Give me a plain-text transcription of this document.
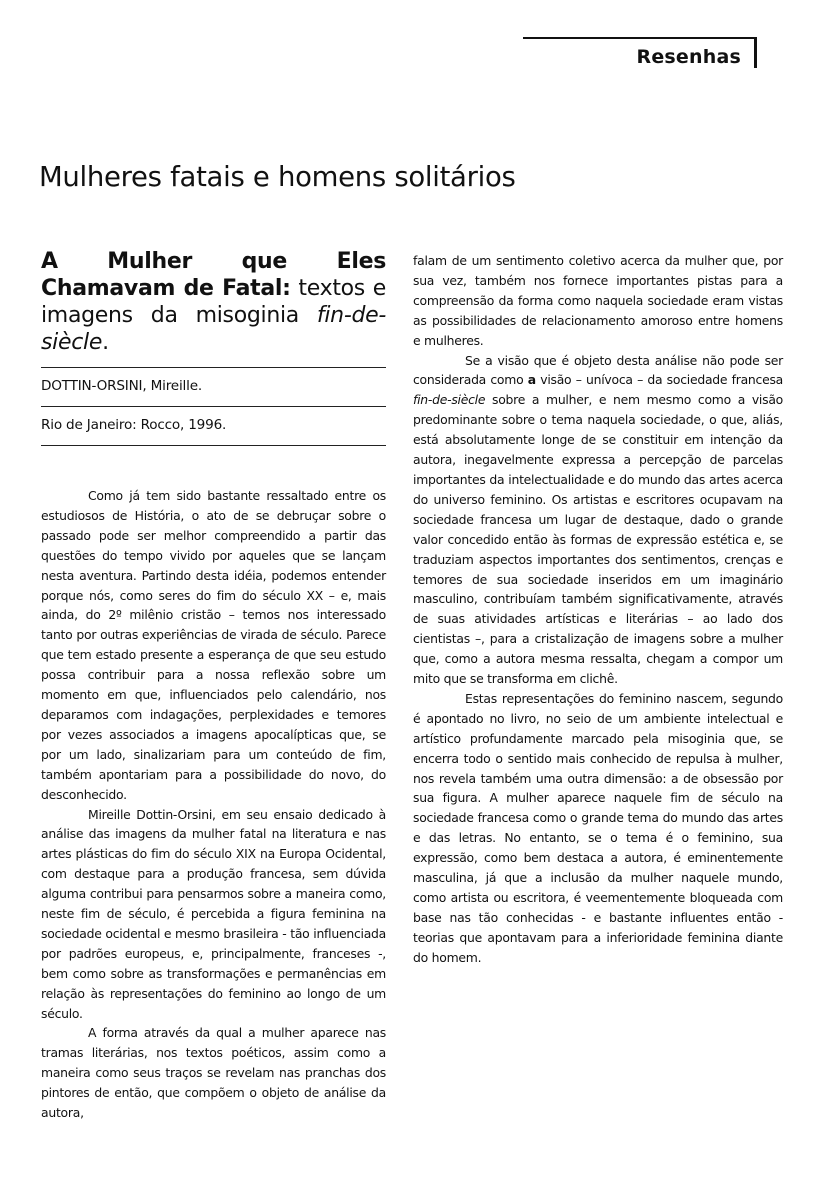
Resenhas
Mulheres fatais e homens solitários
A Mulher que Eles Chamavam de Fatal: textos e imagens da misoginia fin-de-siècle.
DOTTIN-ORSINI, Mireille.
Rio de Janeiro: Rocco, 1996.

Como já tem sido bastante ressaltado entre os estudiosos de História, o ato de se debruçar sobre o passado pode ser melhor compreendido a partir das questões do tempo vivido por aqueles que se lançam nesta aventura. Partindo desta idéia, podemos entender porque nós, como seres do fim do século XX – e, mais ainda, do 2º milênio cristão – temos nos interessado tanto por outras experiências de virada de século. Parece que tem estado presente a esperança de que seu estudo possa contribuir para a nossa reflexão sobre um momento em que, influenciados pelo calendário, nos deparamos com indagações, perplexidades e temores por vezes associados a imagens apocalípticas que, se por um lado, sinalizariam para um conteúdo de fim, também apontariam para a possibilidade do novo, do desconhecido.

Mireille Dottin-Orsini, em seu ensaio dedicado à análise das imagens da mulher fatal na literatura e nas artes plásticas do fim do século XIX na Europa Ocidental, com destaque para a produção francesa, sem dúvida alguma contribui para pensarmos sobre a maneira como, neste fim de século, é percebida a figura feminina na sociedade ocidental e mesmo brasileira - tão influenciada por padrões europeus, e, principalmente, franceses -, bem como sobre as transformações e permanências em relação às representações do feminino ao longo de um século.

A forma através da qual a mulher aparece nas tramas literárias, nos textos poéticos, assim como a maneira como seus traços se revelam nas pranchas dos pintores de então, que compõem o objeto de análise da autora,

falam de um sentimento coletivo acerca da mulher que, por sua vez, também nos fornece importantes pistas para a compreensão da forma como naquela sociedade eram vistas as possibilidades de relacionamento amoroso entre homens e mulheres.

Se a visão que é objeto desta análise não pode ser considerada como a visão – unívoca – da sociedade francesa fin-de-siècle sobre a mulher, e nem mesmo como a visão predominante sobre o tema naquela sociedade, o que, aliás, está absolutamente longe de se constituir em intenção da autora, inegavelmente expressa a percepção de parcelas importantes da intelectualidade e do mundo das artes acerca do universo feminino. Os artistas e escritores ocupavam na sociedade francesa um lugar de destaque, dado o grande valor concedido então às formas de expressão estética e, se traduziam aspectos importantes dos sentimentos, crenças e temores de sua sociedade inseridos em um imaginário masculino, contribuíam também significativamente, através de suas atividades artísticas e literárias – ao lado dos cientistas –, para a cristalização de imagens sobre a mulher que, como a autora mesma ressalta, chegam a compor um mito que se transforma em clichê.

Estas representações do feminino nascem, segundo é apontado no livro, no seio de um ambiente intelectual e artístico profundamente marcado pela misoginia que, se encerra todo o sentido mais conhecido de repulsa à mulher, nos revela também uma outra dimensão: a de obsessão por sua figura. A mulher aparece naquele fim de século na sociedade francesa como o grande tema do mundo das artes e das letras. No entanto, se o tema é o feminino, sua expressão, como bem destaca a autora, é eminentemente masculina, já que a inclusão da mulher naquele mundo, como artista ou escritora, é veementemente bloqueada com base nas tão conhecidas - e bastante influentes então - teorias que apontavam para a inferioridade feminina diante do homem.
